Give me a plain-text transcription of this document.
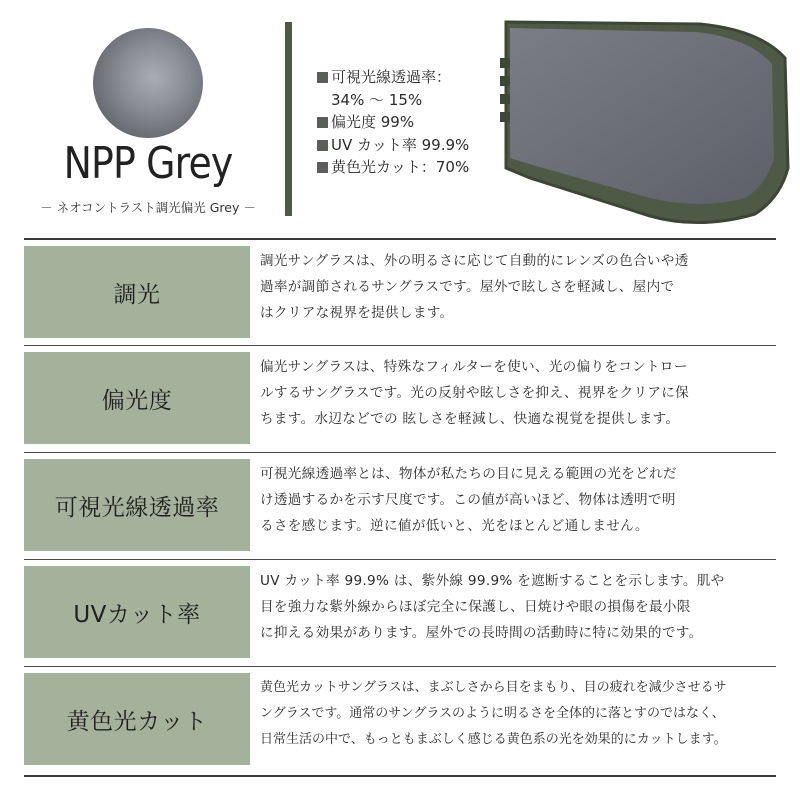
NPP Grey
－ ネオコントラスト調光偏光 Grey －
可視光線透過率：
34% ～ 15%
偏光度 99%
UV カット率 99.9%
黄色光カット：70%
調光
調光サングラスは、外の明るさに応じて自動的にレンズの色合いや透
過率が調節されるサングラスです。屋外で眩しさを軽減し、屋内で
はクリアな視界を提供します。
偏光度
偏光サングラスは、特殊なフィルターを使い、光の偏りをコントロー
ルするサングラスです。光の反射や眩しさを抑え、視界をクリアに保
ちます。水辺などでの 眩しさを軽減し、快適な視覚を提供します。
可視光線透過率
可視光線透過率とは、物体が私たちの目に見える範囲の光をどれだ
け透過するかを示す尺度です。この値が高いほど、物体は透明で明
るさを感じます。逆に値が低いと、光をほとんど通しません。
UVカット率
UV カット率 99.9% は、紫外線 99.9% を遮断することを示します。肌や
目を強力な紫外線からほぼ完全に保護し、日焼けや眼の損傷を最小限
に抑える効果があります。屋外での長時間の活動時に特に効果的です。
黄色光カット
黄色光カットサングラスは、まぶしさから目をまもり、目の疲れを減少させるサ
ングラスです。通常のサングラスのように明るさを全体的に落とすのではなく、
日常生活の中で、もっともまぶしく感じる黄色系の光を効果的にカットします。
